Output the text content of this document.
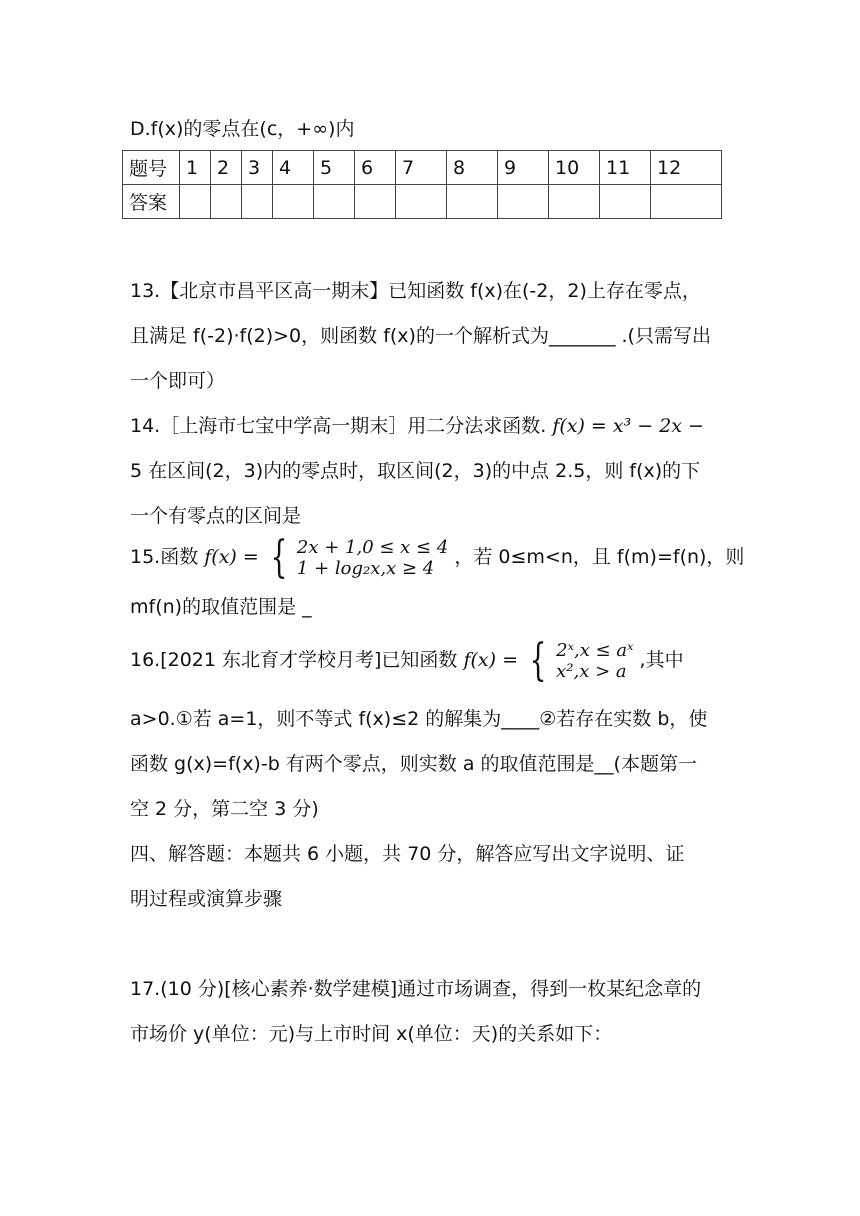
D.f(x)的零点在(c，+∞)内
题号	1	2	3	4	5	6	7	8	9	10	11	12
答案												
13.【北京市昌平区高一期末】已知函数 f(x)在(-2，2)上存在零点，
且满足 f(-2)·f(2)>0，则函数 f(x)的一个解析式为_______ .(只需写出
一个即可）
14.［上海市七宝中学高一期末］用二分法求函数. f(x) = x³ − 2x −
5 在区间(2，3)内的零点时，取区间(2，3)的中点 2.5，则 f(x)的下
一个有零点的区间是
15.函数 f(x) = { 2x + 1,0 ≤ x ≤ 4
1 + log₂x,x ≥ 4	，若 0≤m<n，且 f(m)=f(n)，则
mf(n)的取值范围是 _
16.[2021 东北育才学校月考]已知函数 f(x) = { 2ˣ,x ≤ aˣ
x²,x > a ,其中
a>0.①若 a=1，则不等式 f(x)≤2 的解集为____②若存在实数 b，使
函数 g(x)=f(x)-b 有两个零点，则实数 a 的取值范围是__(本题第一
空 2 分，第二空 3 分)
四、解答题：本题共 6 小题，共 70 分，解答应写出文字说明、证
明过程或演算步骤
17.(10 分)[核心素养·数学建模]通过市场调查，得到一枚某纪念章的
市场价 y(单位：元)与上市时间 x(单位：天)的关系如下：
